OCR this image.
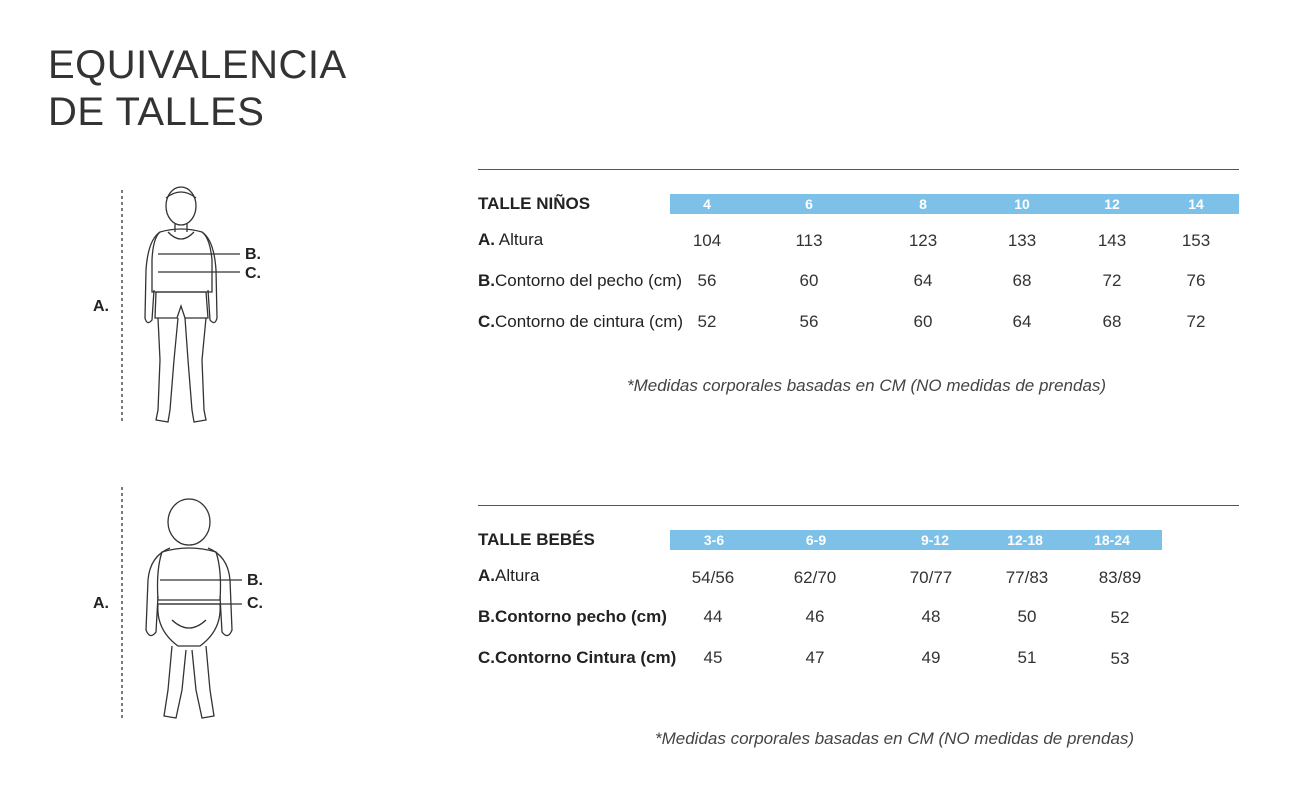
EQUIVALENCIA
DE TALLES
A.
B.
C.
TALLE NIÑOS	4	6	8	10	12	14
A. Altura	104	113	123	133	143	153
B.Contorno del pecho (cm) 56	60	64	68	72	76
C.Contorno de cintura (cm) 52	56	60	64	68	72
*Medidas corporales basadas en CM (NO medidas de prendas)
A.
B.
C.
TALLE BEBÉS	3-6	6-9	9-12	12-18	18-24
A.Altura	54/56	62/70	70/77	77/83	83/89
B.Contorno pecho (cm)	44	46	48	50	52
C.Contorno Cintura (cm)	45	47	49	51	53
*Medidas corporales basadas en CM (NO medidas de prendas)
